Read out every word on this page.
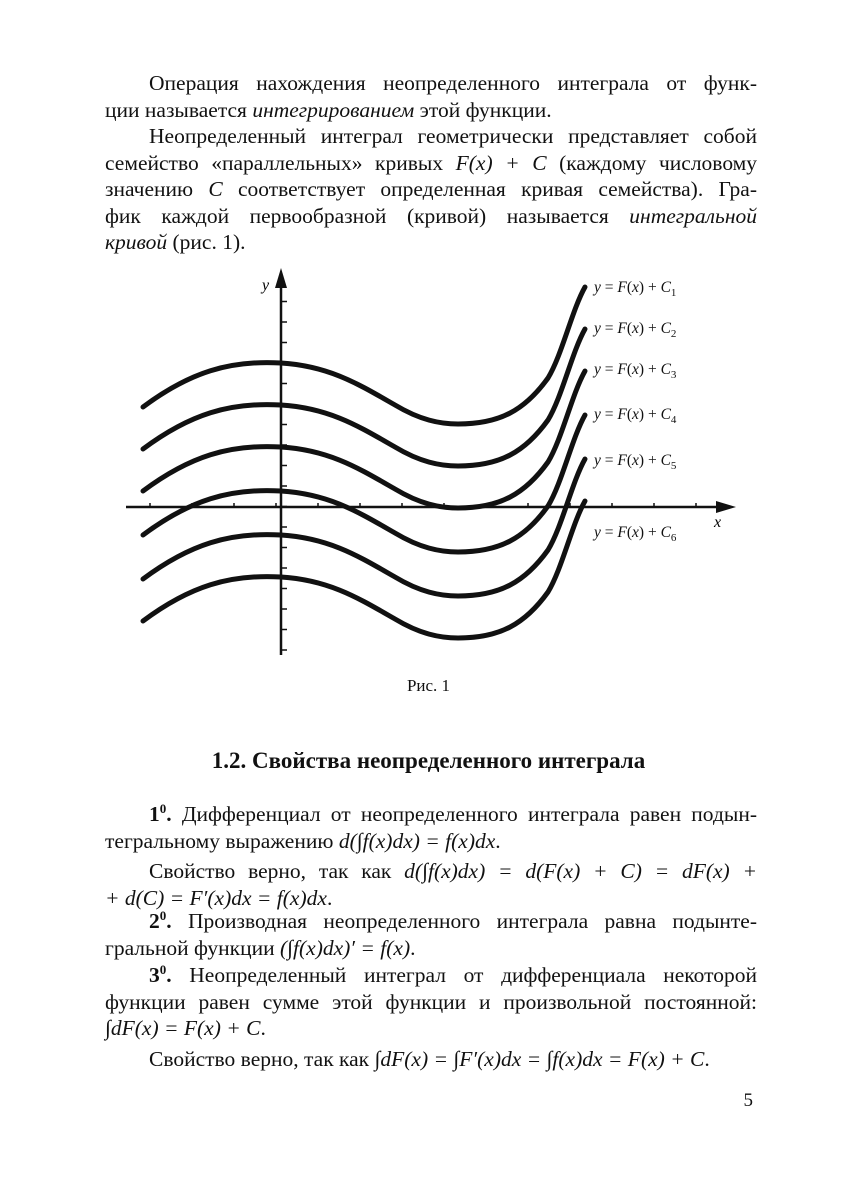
Операция нахождения неопределенного интеграла от функ-
ции называется интегрированием этой функции.
Неопределенный интеграл геометрически представляет собой
семейство «параллельных» кривых F(x) + C (каждому числовому
значению C соответствует определенная кривая семейства). Гра-
фик каждой первообразной (кривой) называется интегральной
кривой (рис. 1).
x
y	$y = F(x) + C_1$
$y = F(x) + C_2$
$y = F(x) + C_3$
$y = F(x) + C_4$
$y = F(x) + C_5$
$y = F(x) + C_6$
Рис. 1
1.2. Свойства неопределенного интеграла
$1^0$. Дифференциал от неопределенного интеграла равен подын-
тегральному выражению d(∫f(x)dx) = f(x)dx.
Свойство верно, так как d(∫f(x)dx) = d(F(x) + C) = dF(x) +
+ d(C) = F′(x)dx = f(x)dx.
$2^0$. Производная неопределенного интеграла равна подынте-
гральной функции (∫f(x)dx)′ = f(x).
$3^0$. Неопределенный интеграл от дифференциала некоторой
функции равен сумме этой функции и произвольной постоянной:
∫dF(x) = F(x) + C.
Свойство верно, так как ∫dF(x) = ∫F′(x)dx = ∫f(x)dx = F(x) + C.
5
